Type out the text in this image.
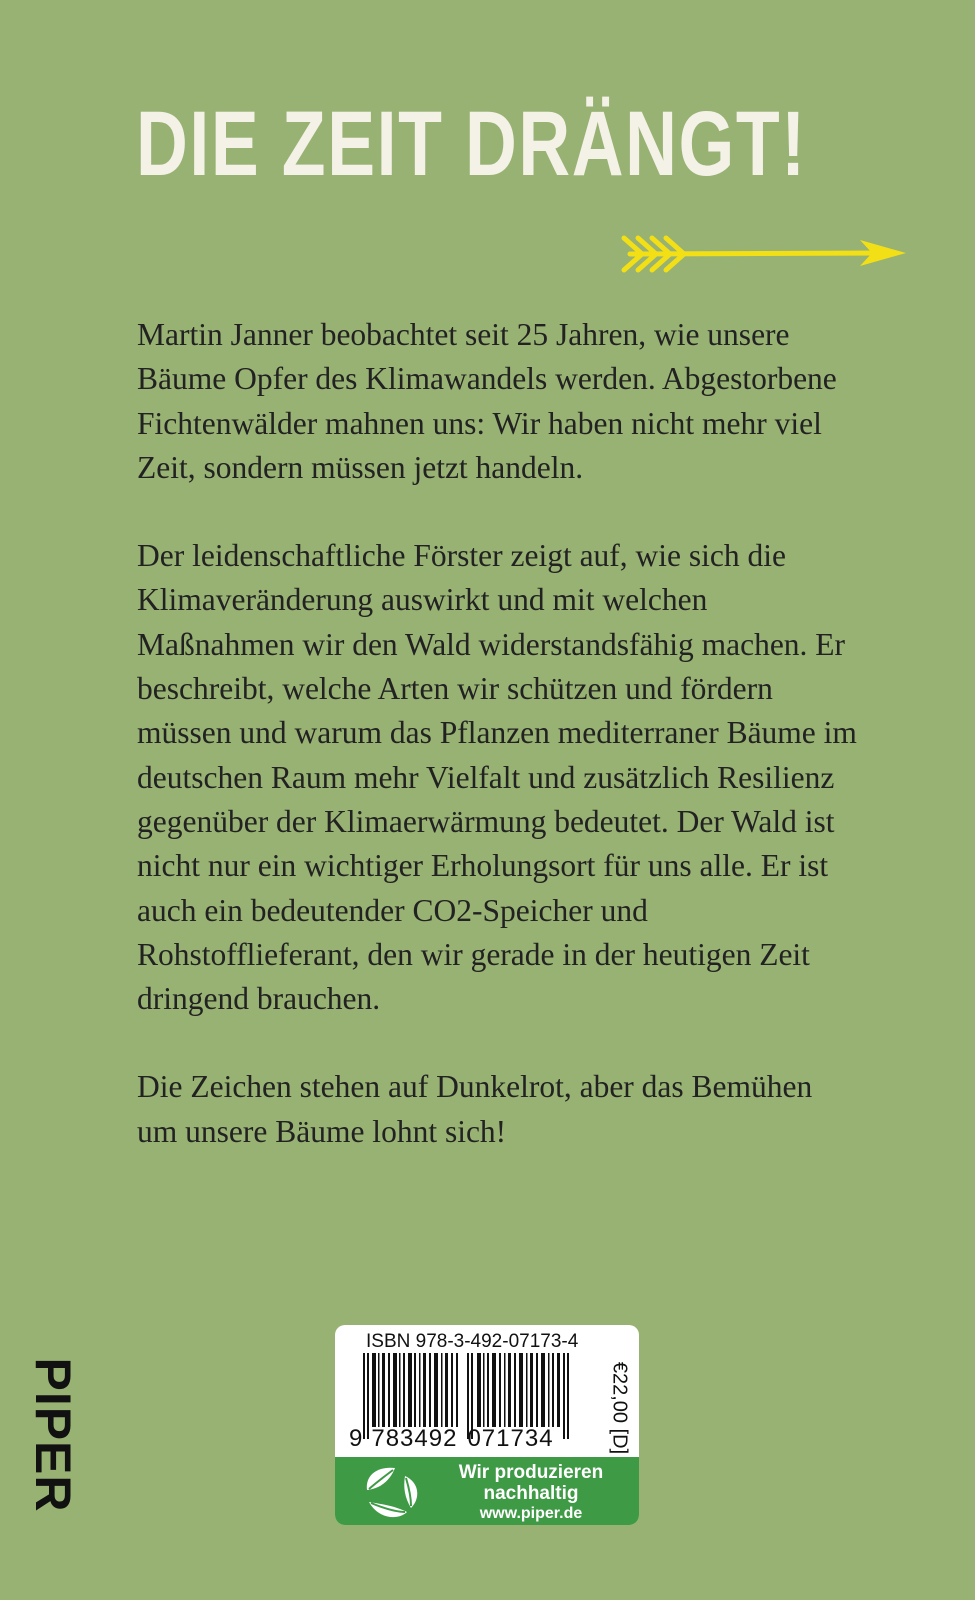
DIE ZEIT DRÄNGT!

Martin Janner beobachtet seit 25 Jahren, wie unsere Bäume Opfer des Klimawandels werden. Abgestorbene Fichtenwälder mahnen uns: Wir haben nicht mehr viel Zeit, sondern müssen jetzt handeln.

Der leidenschaftliche Förster zeigt auf, wie sich die Klimaveränderung auswirkt und mit welchen Maßnahmen wir den Wald widerstandsfähig machen. Er beschreibt, welche Arten wir schützen und fördern müssen und warum das Pflanzen mediterraner Bäume im deutschen Raum mehr Vielfalt und zusätzlich Resilienz gegenüber der Klimaerwärmung bedeutet. Der Wald ist nicht nur ein wichtiger Erholungsort für uns alle. Er ist auch ein bedeutender CO2-Speicher und Rohstofflieferant, den wir gerade in der heutigen Zeit dringend brauchen.

Die Zeichen stehen auf Dunkelrot, aber das Bemühen um unsere Bäume lohnt sich!

PIPER
ISBN 978-3-492-07173-4
9 783492 071734	€22,00 [D]
Wir produzieren
nachhaltig
www.piper.de
